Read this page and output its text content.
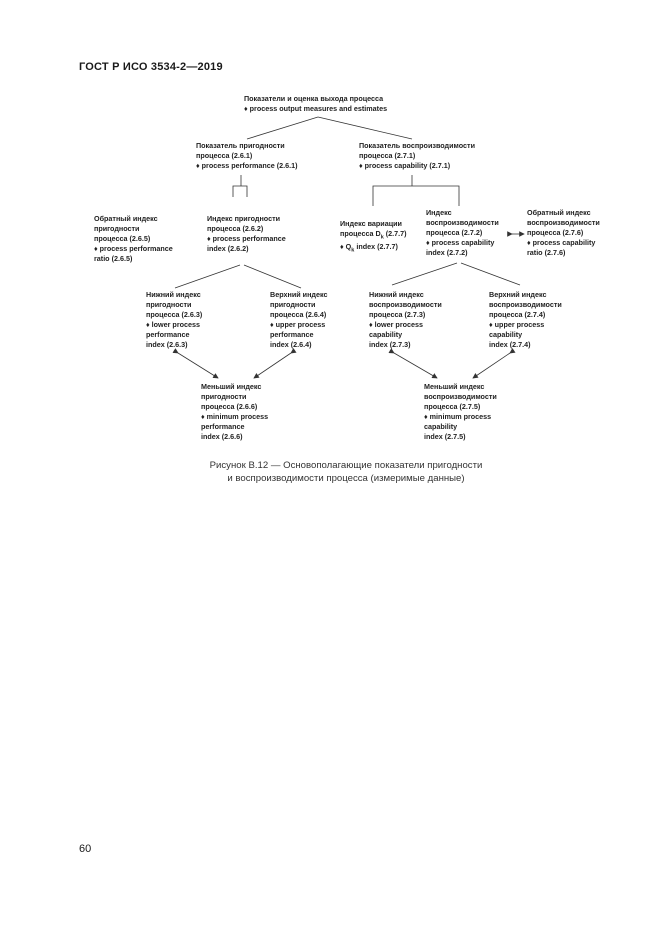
ГОСТ Р ИСО 3534-2—2019
Показатели и оценка выхода процесса
♦ process output measures and estimates
Показатель пригодности
процесса (2.6.1)
♦ process performance (2.6.1)
Показатель воспроизводимости
процесса (2.7.1)
♦ process capability (2.7.1)
Обратный индекс
пригодности
процесса (2.6.5)
♦ process performance
ratio (2.6.5)
Индекс пригодности
процесса (2.6.2)
♦ process performance
index (2.6.2)
Индекс вариации
процесса $D_k$ (2.7.7)
♦ $Q_k$ index (2.7.7)
Индекс
воспроизводимости
процесса (2.7.2)
♦ process capability
index (2.7.2)
Обратный индекс
воспроизводимости
процесса (2.7.6)
♦ process capability
ratio (2.7.6)
Нижний индекс
пригодности
процесса (2.6.3)
♦ lower process
performance
index (2.6.3)
Верхний индекс
пригодности
процесса (2.6.4)
♦ upper process
performance
index (2.6.4)
Нижний индекс
воспроизводимости
процесса (2.7.3)
♦ lower process
capability
index (2.7.3)
Верхний индекс
воспроизводимости
процесса (2.7.4)
♦ upper process
capability
index (2.7.4)
Меньший индекс
пригодности
процесса (2.6.6)
♦ minimum process
performance
index (2.6.6)
Меньший индекс
воспроизводимости
процесса (2.7.5)
♦ minimum process
capability
index (2.7.5)
Рисунок В.12 — Основополагающие показатели пригодности
и воспроизводимости процесса (измеримые данные)
60
